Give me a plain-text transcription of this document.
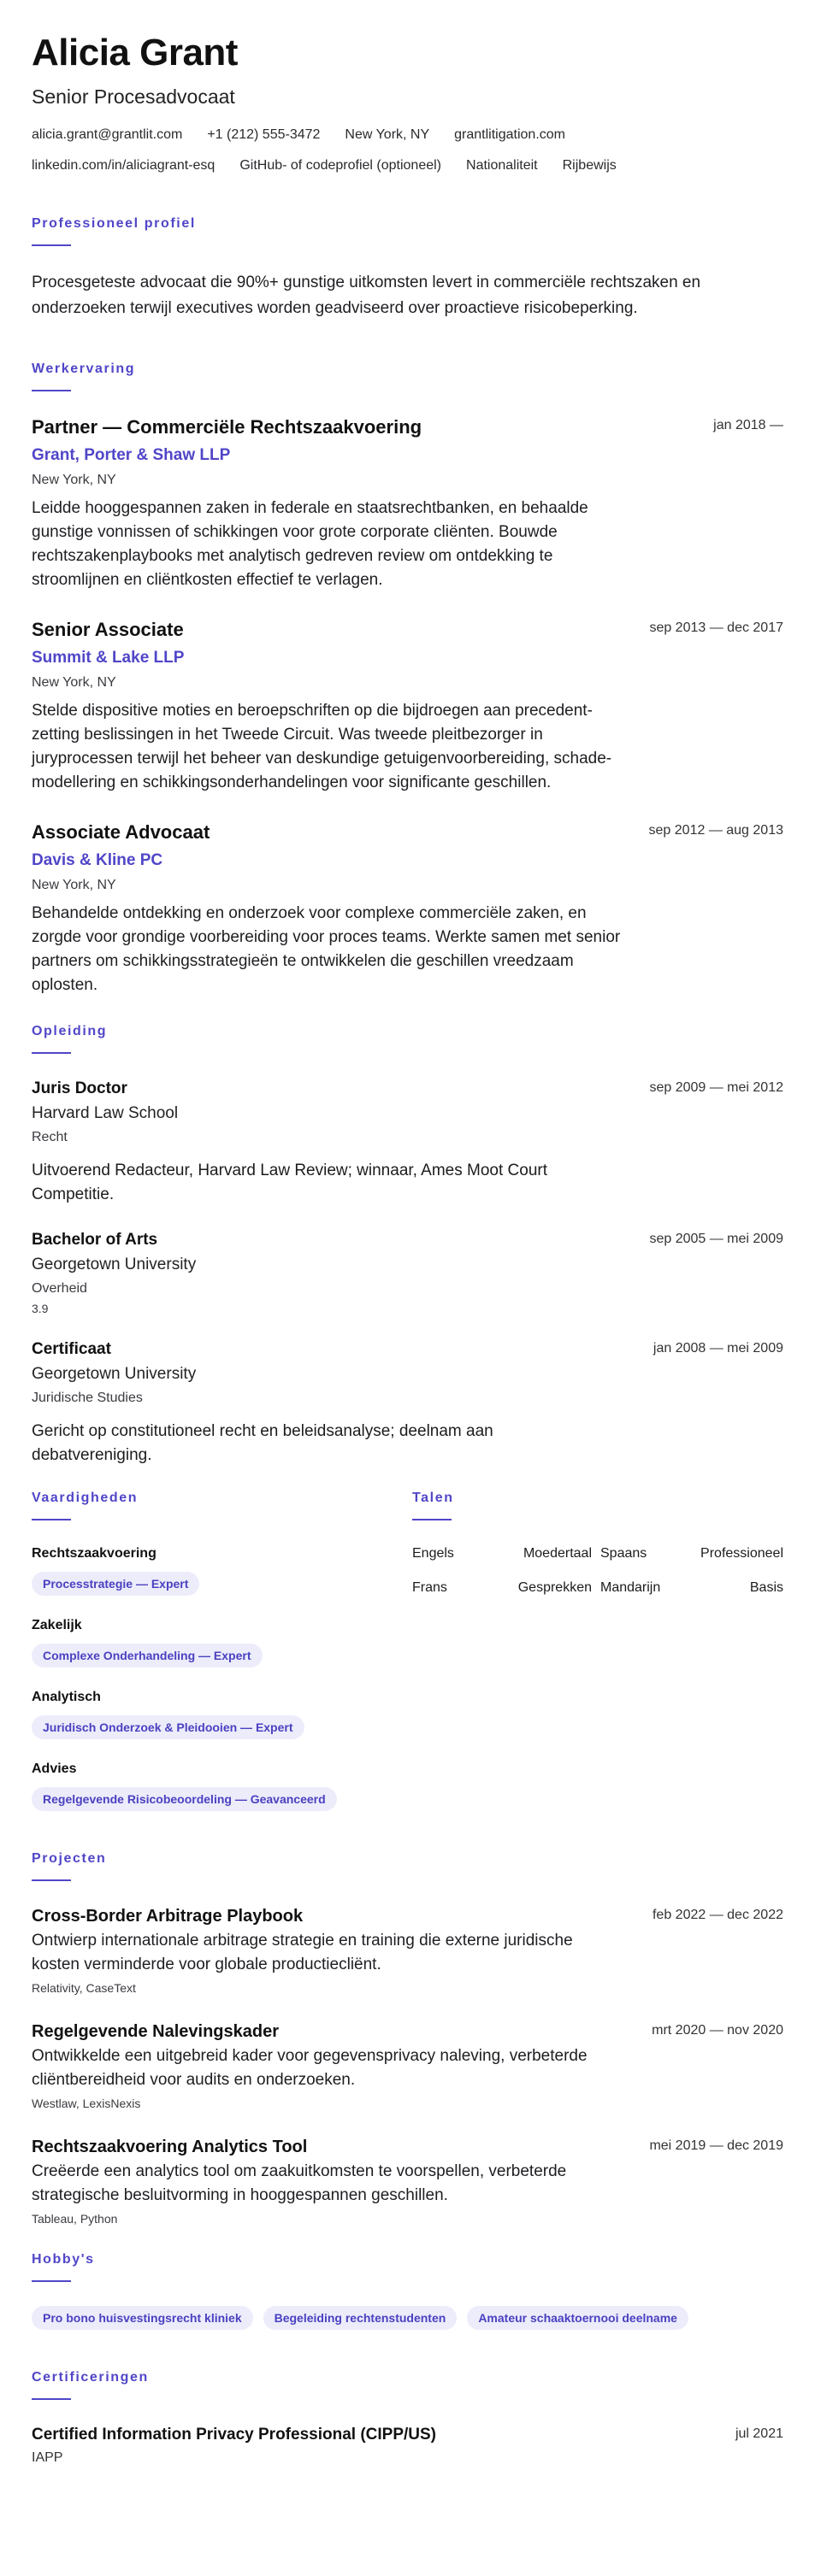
Alicia Grant
Senior Procesadvocaat
alicia.grant@grantlit.com +1 (212) 555-3472 New York, NY grantlitigation.com
linkedin.com/in/aliciagrant-esq GitHub- of codeprofiel (optioneel) Nationaliteit Rijbewijs
Professioneel profiel

Procesgeteste advocaat die 90%+ gunstige uitkomsten levert in commerciële rechtszaken en onderzoeken terwijl executives worden geadviseerd over proactieve risicobeperking.

Werkervaring
Partner — Commerciële Rechtszaakvoering	jan 2018 —
Grant, Porter & Shaw LLP
New York, NY

Leidde hooggespannen zaken in federale en staatsrechtbanken, en behaalde gunstige vonnissen of schikkingen voor grote corporate cliënten. Bouwde rechtszakenplaybooks met analytisch gedreven review om ontdekking te stroomlijnen en cliëntkosten effectief te verlagen.

Senior Associate	sep 2013 — dec 2017
Summit & Lake LLP
New York, NY

Stelde dispositive moties en beroepschriften op die bijdroegen aan precedent-zetting beslissingen in het Tweede Circuit. Was tweede pleitbezorger in juryprocessen terwijl het beheer van deskundige getuigenvoorbereiding, schade-modellering en schikkingsonderhandelingen voor significante geschillen.

Associate Advocaat	sep 2012 — aug 2013
Davis & Kline PC
New York, NY

Behandelde ontdekking en onderzoek voor complexe commerciële zaken, en zorgde voor grondige voorbereiding voor proces teams. Werkte samen met senior partners om schikkingsstrategieën te ontwikkelen die geschillen vreedzaam oplosten.

Opleiding
Juris Doctor	sep 2009 — mei 2012
Harvard Law School
Recht

Uitvoerend Redacteur, Harvard Law Review; winnaar, Ames Moot Court Competitie.

Bachelor of Arts	sep 2005 — mei 2009
Georgetown University
Overheid
3.9
Certificaat	jan 2008 — mei 2009
Georgetown University
Juridische Studies

Gericht op constitutioneel recht en beleidsanalyse; deelnam aan debatvereniging.

Vaardigheden
Rechtszaakvoering
Processtrategie — Expert
Zakelijk
Complexe Onderhandeling — Expert
Analytisch
Juridisch Onderzoek & Pleidooien — Expert
Advies
Regelgevende Risicobeoordeling — Geavanceerd
Talen
Engels	Moedertaal Spaans	Professioneel
Frans	Gesprekken Mandarijn	Basis
Projecten
Cross-Border Arbitrage Playbook	feb 2022 — dec 2022

Ontwierp internationale arbitrage strategie en training die externe juridische kosten verminderde voor globale productiecliënt.

Relativity, CaseText
Regelgevende Nalevingskader	mrt 2020 — nov 2020

Ontwikkelde een uitgebreid kader voor gegevensprivacy naleving, verbeterde cliëntbereidheid voor audits en onderzoeken.

Westlaw, LexisNexis
Rechtszaakvoering Analytics Tool	mei 2019 — dec 2019

Creëerde een analytics tool om zaakuitkomsten te voorspellen, verbeterde strategische besluitvorming in hooggespannen geschillen.

Tableau, Python
Hobby's
Pro bono huisvestingsrecht kliniek	Begeleiding rechtenstudenten	Amateur schaaktoernooi deelname
Certificeringen
Certified Information Privacy Professional (CIPP/US)	jul 2021
IAPP
